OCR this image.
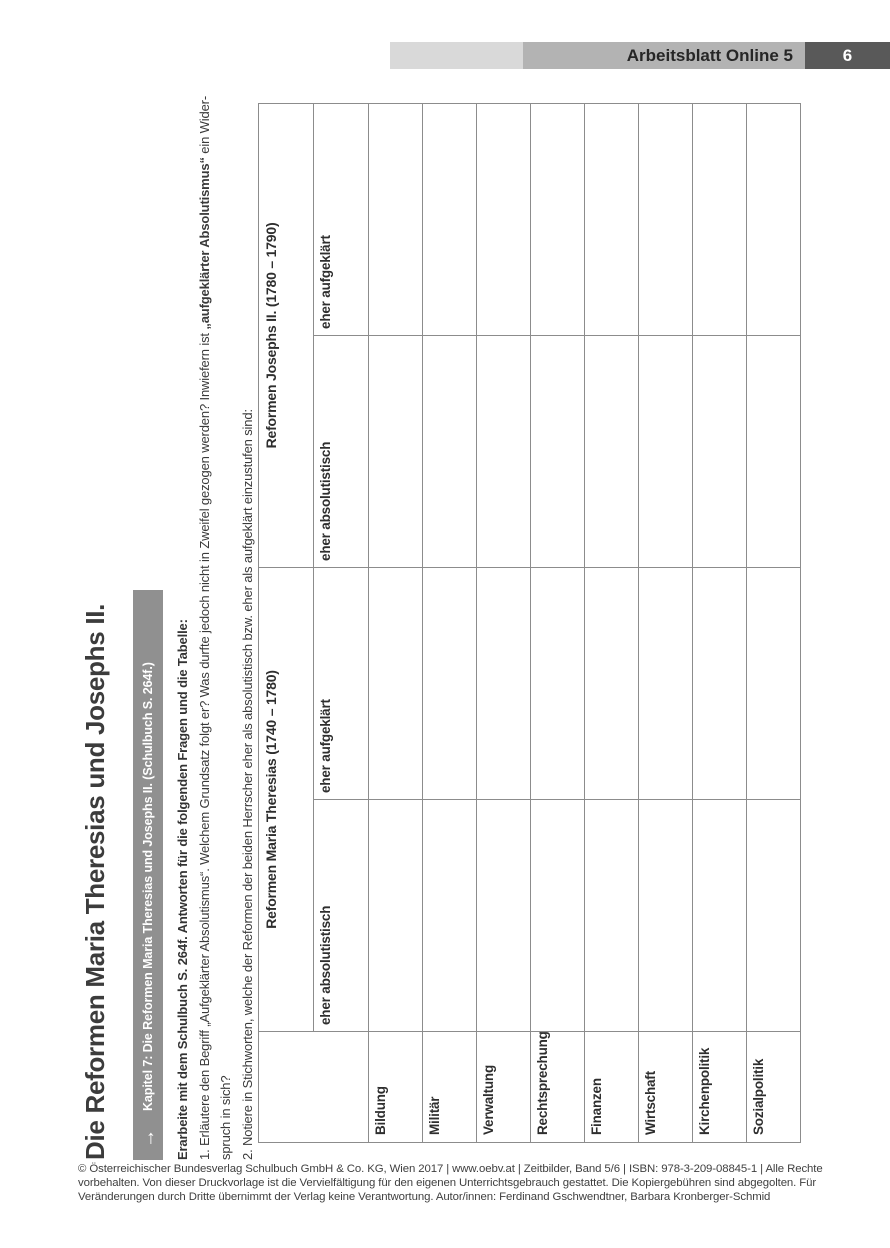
Arbeitsblatt Online 5	6
Die Reformen Maria Theresias und Josephs II. →
Kapitel 7: Die Reformen Maria Theresias und Josephs II. (Schulbuch S. 264f.) Erarbeite mit dem Schulbuch S. 264f. Antworten für die folgenden Fragen und die Tabelle: 1. Erläutere den Begriff „Aufgeklärter Absolutismus“. Welchem Grundsatz folgt er? Was durfte jedoch nicht in Zweifel gezogen werden? Inwiefern ist „aufgeklärter Absolutismus“ ein Wider-

spruch in sich? 2. Notiere in Stichworten, welche der Reformen der beiden Herrscher eher als absolutistisch bzw. eher als aufgeklärt einzustufen sind:

	Reformen Maria Theresias (1740 – 1780)		Reformen Josephs II. (1780 – 1790)	
	eher absolutistisch	eher aufgeklärt	eher absolutistisch	eher aufgeklärt
Bildung				
Militär				
Verwaltung				
Rechtsprechung				
Finanzen				
Wirtschaft				
Kirchenpolitik				
Sozialpolitik				
© Österreichischer Bundesverlag Schulbuch GmbH & Co. KG, Wien 2017 | www.oebv.at | Zeitbilder, Band 5/6 | ISBN: 978-3-209-08845-1 | Alle Rechte
vorbehalten. Von dieser Druckvorlage ist die Vervielfältigung für den eigenen Unterrichtsgebrauch gestattet. Die Kopiergebühren sind abgegolten. Für
Veränderungen durch Dritte übernimmt der Verlag keine Verantwortung. Autor/innen: Ferdinand Gschwendtner, Barbara Kronberger-Schmid
